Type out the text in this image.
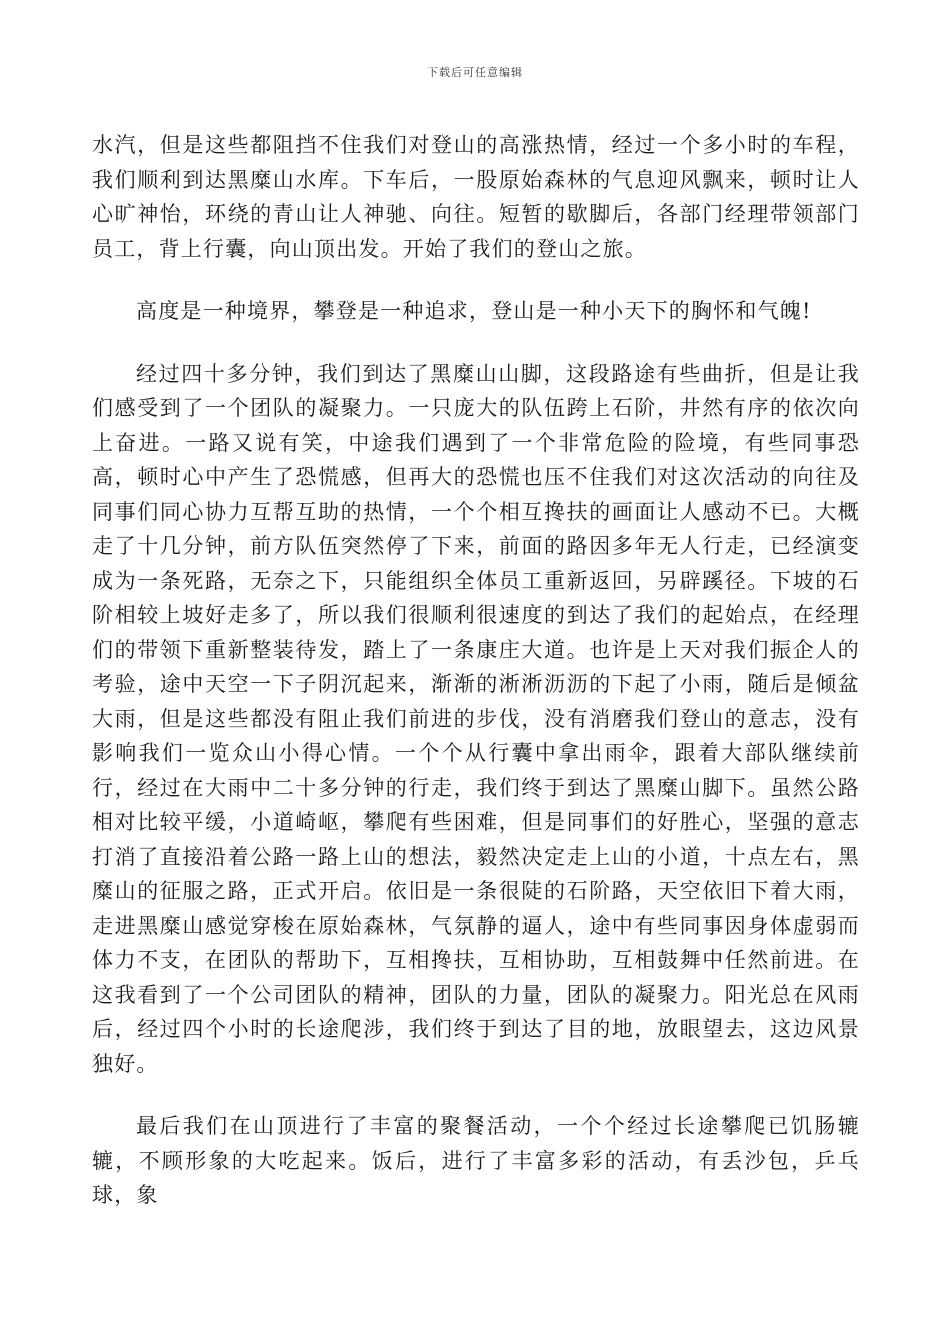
下载后可任意编辑

水汽，但是这些都阻挡不住我们对登山的高涨热情，经过一个多小时的车程，我们顺利到达黑糜山水库。下车后，一股原始森林的气息迎风飘来，顿时让人心旷神怡，环绕的青山让人神驰、向往。短暂的歇脚后，各部门经理带领部门员工，背上行囊，向山顶出发。开始了我们的登山之旅。

高度是一种境界，攀登是一种追求，登山是一种小天下的胸怀和气魄!

经过四十多分钟，我们到达了黑糜山山脚，这段路途有些曲折，但是让我们感受到了一个团队的凝聚力。一只庞大的队伍跨上石阶，井然有序的依次向上奋进。一路又说有笑，中途我们遇到了一个非常危险的险境，有些同事恐高，顿时心中产生了恐慌感，但再大的恐慌也压不住我们对这次活动的向往及同事们同心协力互帮互助的热情，一个个相互搀扶的画面让人感动不已。大概走了十几分钟，前方队伍突然停了下来，前面的路因多年无人行走，已经演变成为一条死路，无奈之下，只能组织全体员工重新返回，另辟蹊径。下坡的石阶相较上坡好走多了，所以我们很顺利很速度的到达了我们的起始点，在经理们的带领下重新整装待发，踏上了一条康庄大道。也许是上天对我们振企人的考验，途中天空一下子阴沉起来，渐渐的淅淅沥沥的下起了小雨，随后是倾盆大雨，但是这些都没有阻止我们前进的步伐，没有消磨我们登山的意志，没有影响我们一览众山小得心情。一个个从行囊中拿出雨伞，跟着大部队继续前行，经过在大雨中二十多分钟的行走，我们终于到达了黑糜山脚下。虽然公路相对比较平缓，小道崎岖，攀爬有些困难，但是同事们的好胜心，坚强的意志打消了直接沿着公路一路上山的想法，毅然决定走上山的小道，十点左右，黑糜山的征服之路，正式开启。依旧是一条很陡的石阶路，天空依旧下着大雨，走进黑糜山感觉穿梭在原始森林，气氛静的逼人，途中有些同事因身体虚弱而体力不支，在团队的帮助下，互相搀扶，互相协助，互相鼓舞中任然前进。在这我看到了一个公司团队的精神，团队的力量，团队的凝聚力。阳光总在风雨后，经过四个小时的长途爬涉，我们终于到达了目的地，放眼望去，这边风景独好。

最后我们在山顶进行了丰富的聚餐活动，一个个经过长途攀爬已饥肠辘辘，不顾形象的大吃起来。饭后，进行了丰富多彩的活动，有丢沙包，乒乓球，象
